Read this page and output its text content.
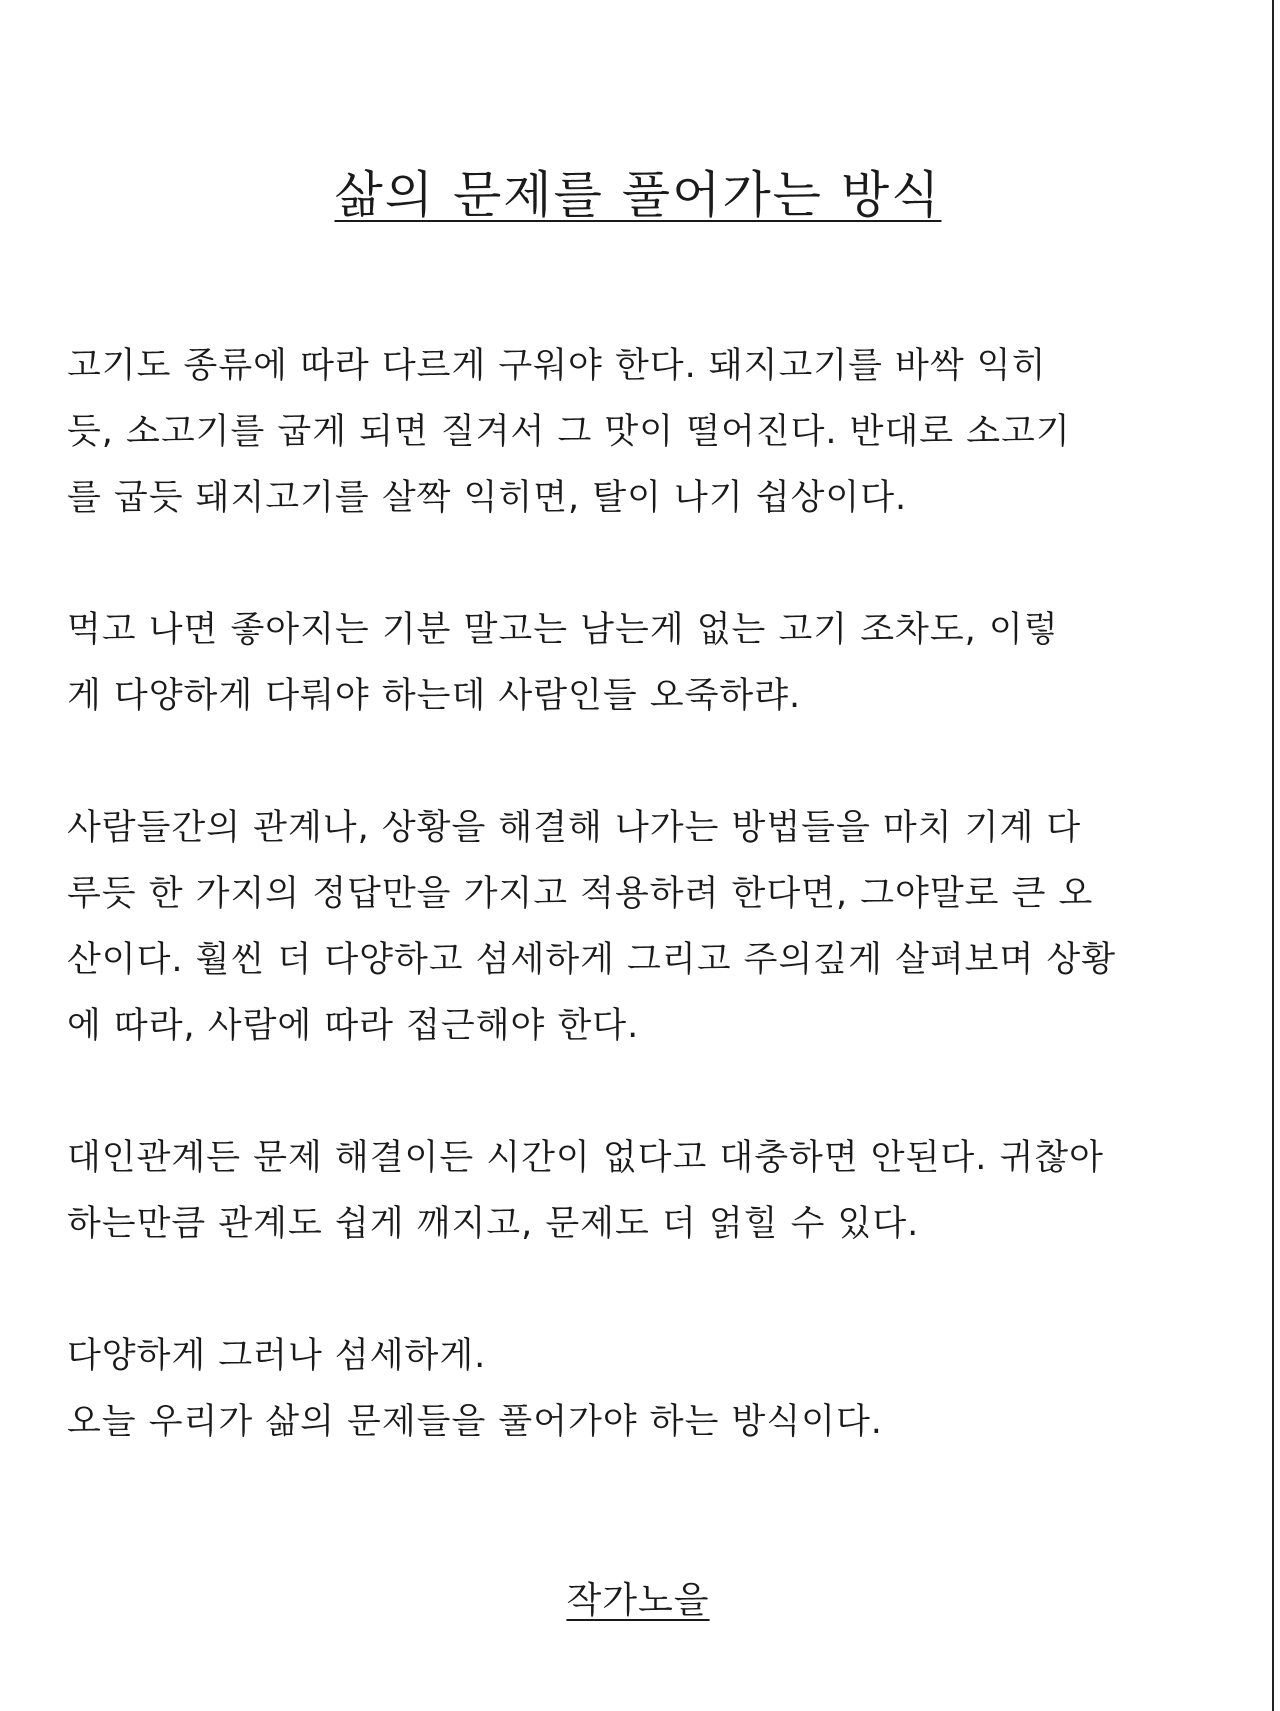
삶의 문제를 풀어가는 방식

고기도 종류에 따라 다르게 구워야 한다. 돼지고기를 바싹 익히
듯, 소고기를 굽게 되면 질겨서 그 맛이 떨어진다. 반대로 소고기
를 굽듯 돼지고기를 살짝 익히면, 탈이 나기 쉽상이다.

먹고 나면 좋아지는 기분 말고는 남는게 없는 고기 조차도, 이렇
게 다양하게 다뤄야 하는데 사람인들 오죽하랴.

사람들간의 관계나, 상황을 해결해 나가는 방법들을 마치 기계 다
루듯 한 가지의 정답만을 가지고 적용하려 한다면, 그야말로 큰 오
산이다. 훨씬 더 다양하고 섬세하게 그리고 주의깊게 살펴보며 상황
에 따라, 사람에 따라 접근해야 한다.

대인관계든 문제 해결이든 시간이 없다고 대충하면 안된다. 귀찮아
하는만큼 관계도 쉽게 깨지고, 문제도 더 얽힐 수 있다.

다양하게 그러나 섬세하게.
오늘 우리가 삶의 문제들을 풀어가야 하는 방식이다.

작가노을
